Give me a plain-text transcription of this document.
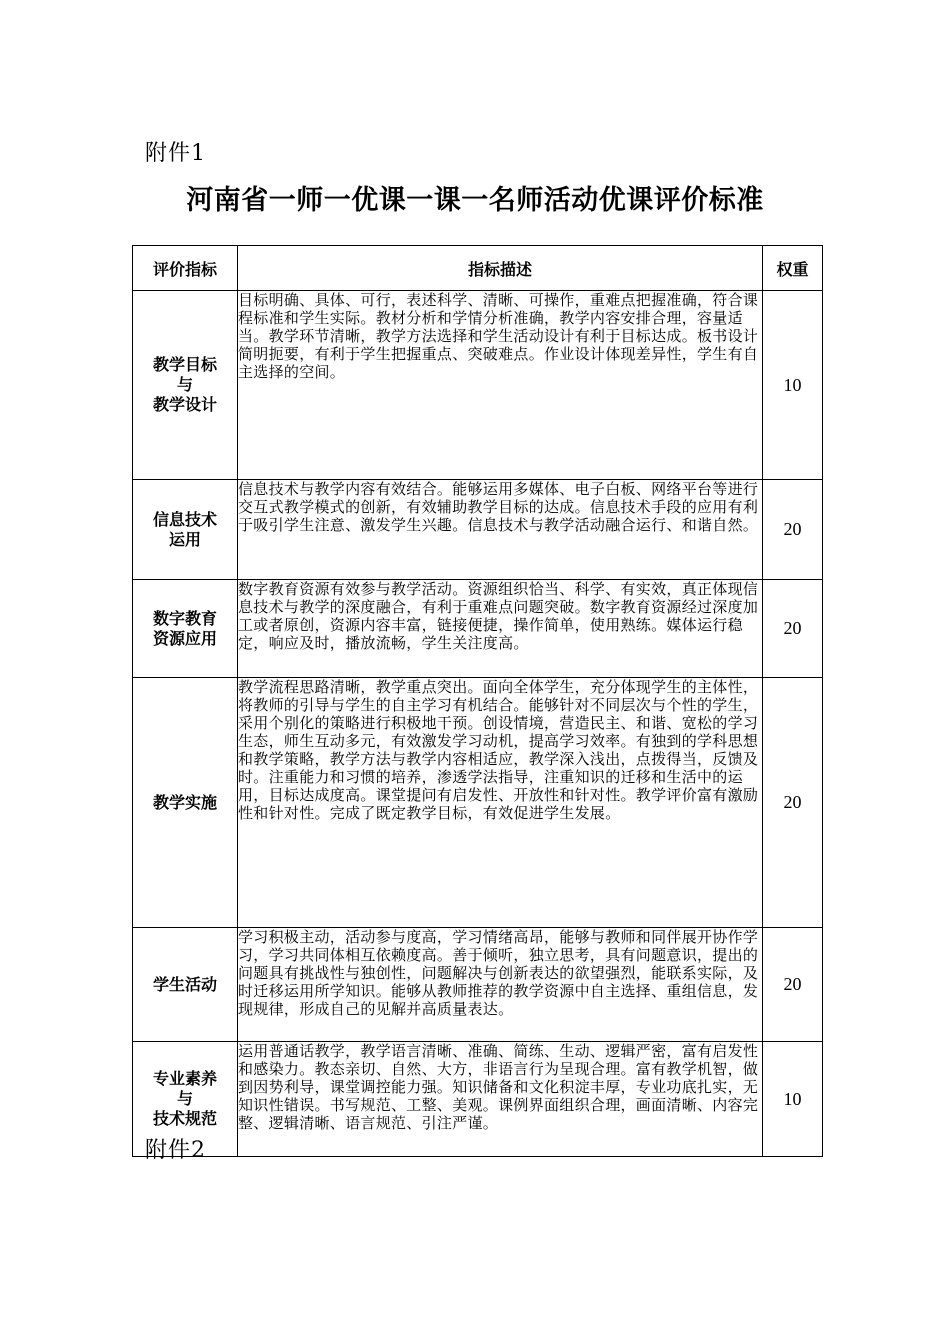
附件1
河南省一师一优课一课一名师活动优课评价标准
评价指标	指标描述	权重

教学目标
与
教学设计	目标明确、具体、可行，表述科学、清晰、可操作，重难点把握准确，符合课程标准和学生实际。教材分析和学情分析准确，教学内容安排合理，容量适当。教学环节清晰，教学方法选择和学生活动设计有利于目标达成。板书设计简明扼要，有利于学生把握重点、突破难点。作业设计体现差异性，学生有自主选择的空间。	10

信息技术
运用	信息技术与教学内容有效结合。能够运用多媒体、电子白板、网络平台等进行交互式教学模式的创新，有效辅助教学目标的达成。信息技术手段的应用有利于吸引学生注意、激发学生兴趣。信息技术与教学活动融合运行、和谐自然。	20

数字教育
资源应用	数字教育资源有效参与教学活动。资源组织恰当、科学、有实效，真正体现信息技术与教学的深度融合，有利于重难点问题突破。数字教育资源经过深度加工或者原创，资源内容丰富，链接便捷，操作简单，使用熟练。媒体运行稳定，响应及时，播放流畅，学生关注度高。	20

教学实施	教学流程思路清晰，教学重点突出。面向全体学生，充分体现学生的主体性，将教师的引导与学生的自主学习有机结合。能够针对不同层次与个性的学生，采用个别化的策略进行积极地干预。创设情境，营造民主、和谐、宽松的学习生态，师生互动多元，有效激发学习动机，提高学习效率。有独到的学科思想和教学策略，教学方法与教学内容相适应，教学深入浅出，点拨得当，反馈及时。注重能力和习惯的培养，渗透学法指导，注重知识的迁移和生活中的运用，目标达成度高。课堂提问有启发性、开放性和针对性。教学评价富有激励性和针对性。完成了既定教学目标，有效促进学生发展。	20

学生活动	学习积极主动，活动参与度高，学习情绪高昂，能够与教师和同伴展开协作学习，学习共同体相互依赖度高。善于倾听，独立思考，具有问题意识，提出的问题具有挑战性与独创性，问题解决与创新表达的欲望强烈，能联系实际，及时迁移运用所学知识。能够从教师推荐的教学资源中自主选择、重组信息，发现规律，形成自己的见解并高质量表达。	20

专业素养
与
技术规范	运用普通话教学，教学语言清晰、准确、简练、生动、逻辑严密，富有启发性和感染力。教态亲切、自然、大方，非语言行为呈现合理。富有教学机智，做到因势利导，课堂调控能力强。知识储备和文化积淀丰厚，专业功底扎实，无知识性错误。书写规范、工整、美观。课例界面组织合理，画面清晰、内容完整、逻辑清晰、语言规范、引注严谨。	10
附件2
